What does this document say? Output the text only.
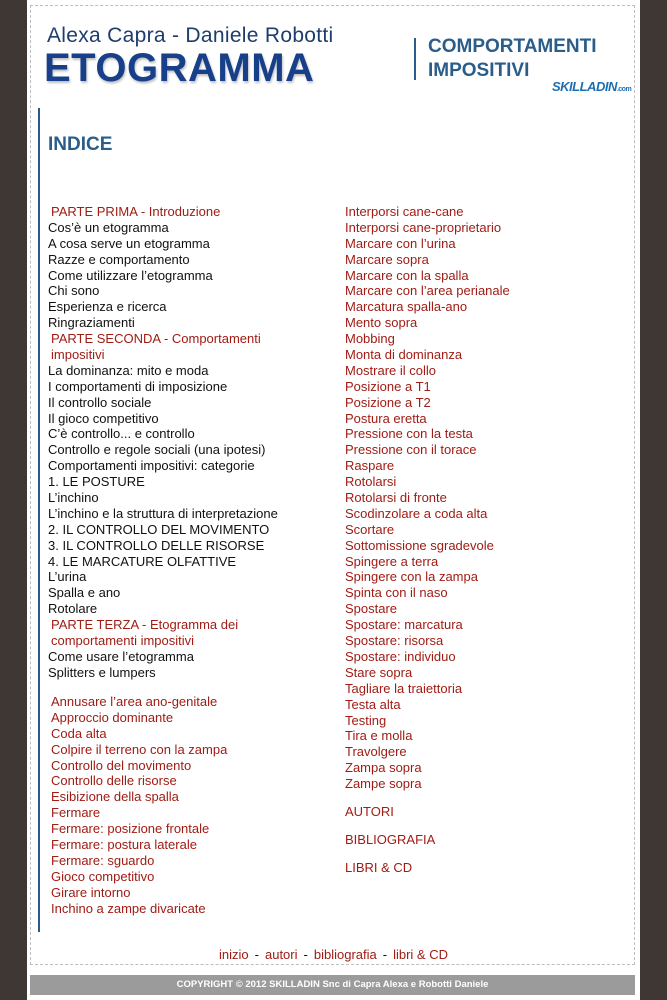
Alexa Capra - Daniele Robotti
ETOGRAMMA	COMPORTAMENTI
IMPOSITIVI
SKILLADIN.com
INDICE
PARTE PRIMA - Introduzione
Cos’è un etogramma
A cosa serve un etogramma
Razze e comportamento
Come utilizzare l’etogramma
Chi sono
Esperienza e ricerca
Ringraziamenti
PARTE SECONDA - Comportamenti
impositivi
La dominanza: mito e moda
I comportamenti di imposizione
Il controllo sociale
Il gioco competitivo
C’è controllo... e controllo
Controllo e regole sociali (una ipotesi)
Comportamenti impositivi: categorie
1. LE POSTURE
L’inchino
L’inchino e la struttura di interpretazione
2. IL CONTROLLO DEL MOVIMENTO
3. IL CONTROLLO DELLE RISORSE
4. LE MARCATURE OLFATTIVE
L’urina
Spalla e ano
Rotolare
PARTE TERZA - Etogramma dei
comportamenti impositivi
Come usare l’etogramma
Splitters e lumpers
Annusare l’area ano-genitale
Approccio dominante
Coda alta
Colpire il terreno con la zampa
Controllo del movimento
Controllo delle risorse
Esibizione della spalla
Fermare
Fermare: posizione frontale
Fermare: postura laterale
Fermare: sguardo
Gioco competitivo
Girare intorno
Inchino a zampe divaricate
Interporsi cane-cane
Interporsi cane-proprietario
Marcare con l’urina
Marcare sopra
Marcare con la spalla
Marcare con l’area perianale
Marcatura spalla-ano
Mento sopra
Mobbing
Monta di dominanza
Mostrare il collo
Posizione a T1
Posizione a T2
Postura eretta
Pressione con la testa
Pressione con il torace
Raspare
Rotolarsi
Rotolarsi di fronte
Scodinzolare a coda alta
Scortare
Sottomissione sgradevole
Spingere a terra
Spingere con la zampa
Spinta con il naso
Spostare
Spostare: marcatura
Spostare: risorsa
Spostare: individuo
Stare sopra
Tagliare la traiettoria
Testa alta
Testing
Tira e molla
Travolgere
Zampa sopra
Zampe sopra
AUTORI
BIBLIOGRAFIA
LIBRI & CD
inizio - autori - bibliografia - libri & CD
COPYRIGHT © 2012 SKILLADIN Snc di Capra Alexa e Robotti Daniele
